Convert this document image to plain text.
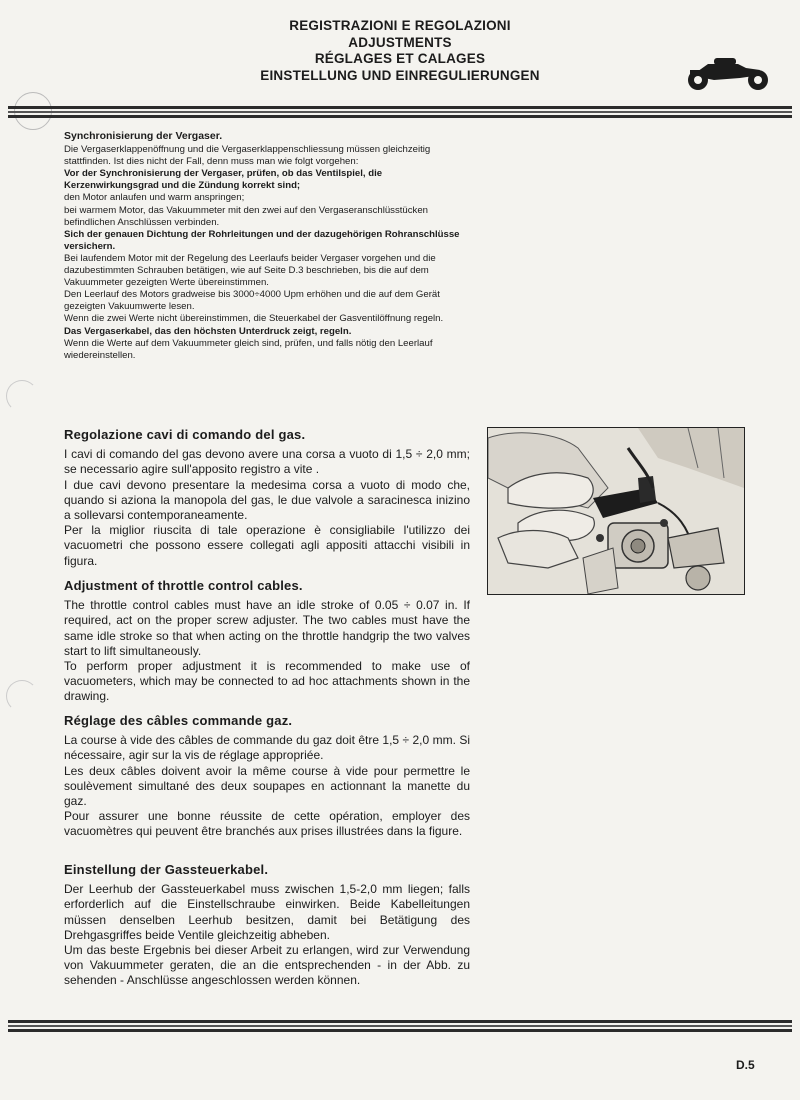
REGISTRAZIONI E REGOLAZIONI
ADJUSTMENTS
RÉGLAGES ET CALAGES
EINSTELLUNG UND EINREGULIERUNGEN

Synchronisierung der Vergaser.

Die Vergaserklappenöffnung und die Vergaserklappenschliessung müssen gleichzeitig stattfinden. Ist dies nicht der Fall, denn muss man wie folgt vorgehen:

Vor der Synchronisierung der Vergaser, prüfen, ob das Ventilspiel, die Kerzenwirkungsgrad und die Zündung korrekt sind;

den Motor anlaufen und warm anspringen;

bei warmem Motor, das Vakuummeter mit den zwei auf den Vergaseranschlüsstücken befindlichen Anschlüssen verbinden.

Sich der genauen Dichtung der Rohrleitungen und der dazugehörigen Rohranschlüsse versichern.

Bei laufendem Motor mit der Regelung des Leerlaufs beider Vergaser vorgehen und die dazubestimmten Schrauben betätigen, wie auf Seite D.3 beschrieben, bis die auf dem Vakuummeter gezeigten Werte übereinstimmen.

Den Leerlauf des Motors gradweise bis 3000÷4000 Upm erhöhen und die auf dem Gerät gezeigten Vakuumwerte lesen.

Wenn die zwei Werte nicht übereinstimmen, die Steuerkabel der Gasventilöffnung regeln.

Das Vergaserkabel, das den höchsten Unterdruck zeigt, regeln.

Wenn die Werte auf dem Vakuummeter gleich sind, prüfen, und falls nötig den Leerlauf wiedereinstellen.

Regolazione cavi di comando del gas.

I cavi di comando del gas devono avere una corsa a vuoto di 1,5 ÷ 2,0 mm; se necessario agire sull'apposito registro a vite .

I due cavi devono presentare la medesima corsa a vuoto di modo che, quando si aziona la manopola del gas, le due valvole a saracinesca inizino a sollevarsi contemporaneamente.

Per la miglior riuscita di tale operazione è consigliabile l'utilizzo dei vacuometri che possono essere collegati agli appositi attacchi visibili in figura.

Adjustment of throttle control cables.

The throttle control cables must have an idle stroke of 0.05 ÷ 0.07 in. If required, act on the proper screw adjuster. The two cables must have the same idle stroke so that when acting on the throttle handgrip the two valves start to lift simultaneously.

To perform proper adjustment it is recommended to make use of vacuometers, which may be connected to ad hoc attachments shown in the drawing.

Réglage des câbles commande gaz.

La course à vide des câbles de commande du gaz doit être 1,5 ÷ 2,0 mm. Si nécessaire, agir sur la vis de réglage appropriée.

Les deux câbles doivent avoir la même course à vide pour permettre le soulèvement simultané des deux soupapes en actionnant la manette du gaz.

Pour assurer une bonne réussite de cette opération, employer des vacuomètres qui peuvent être branchés aux prises illustrées dans la figure.

Einstellung der Gassteuerkabel.

Der Leerhub der Gassteuerkabel muss zwischen 1,5-2,0 mm liegen; falls erforderlich auf die Einstellschraube einwirken. Beide Kabelleitungen müssen denselben Leerhub besitzen, damit bei Betätigung des Drehgasgriffes beide Ventile gleichzeitig abheben.

Um das beste Ergebnis bei dieser Arbeit zu erlangen, wird zur Verwendung von Vakuummeter geraten, die an die entsprechenden - in der Abb. zu sehenden - Anschlüsse angeschlossen werden können.

D.5
